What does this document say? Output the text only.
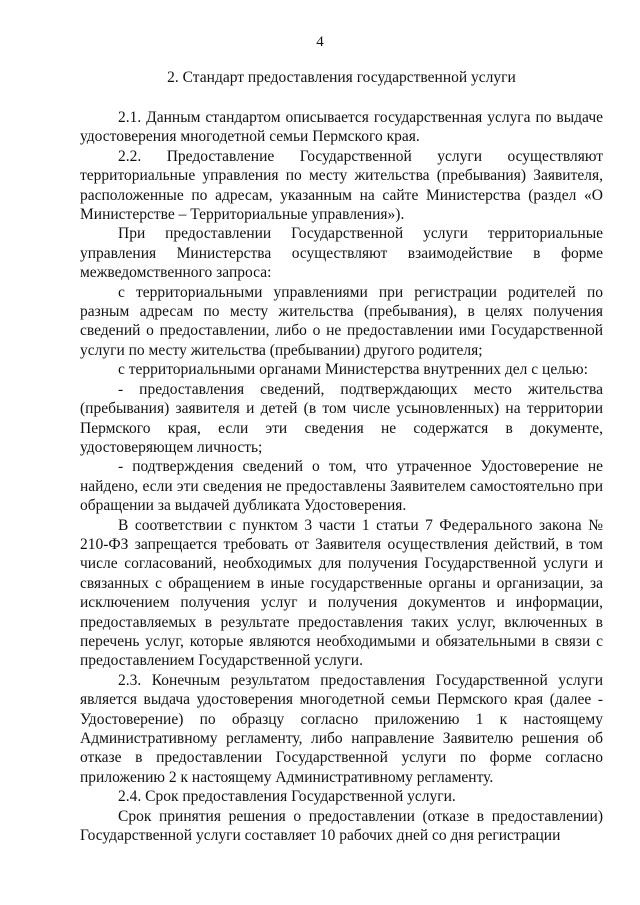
4
2. Стандарт предоставления государственной услуги

2.1. Данным стандартом описывается государственная услуга по выдаче удостоверения многодетной семьи Пермского края.

2.2. Предоставление Государственной услуги осуществляют территориальные управления по месту жительства (пребывания) Заявителя, расположенные по адресам, указанным на сайте Министерства (раздел «О Министерстве – Территориальные управления»).

При предоставлении Государственной услуги территориальные управления Министерства осуществляют взаимодействие в форме межведомственного запроса:

с территориальными управлениями при регистрации родителей по разным адресам по месту жительства (пребывания), в целях получения сведений о предоставлении, либо о не предоставлении ими Государственной услуги по месту жительства (пребывании) другого родителя;

с территориальными органами Министерства внутренних дел с целью:

- предоставления сведений, подтверждающих место жительства (пребывания) заявителя и детей (в том числе усыновленных) на территории Пермского края, если эти сведения не содержатся в документе, удостоверяющем личность;

- подтверждения сведений о том, что утраченное Удостоверение не найдено, если эти сведения не предоставлены Заявителем самостоятельно при обращении за выдачей дубликата Удостоверения.

В соответствии с пунктом 3 части 1 статьи 7 Федерального закона № 210-ФЗ запрещается требовать от Заявителя осуществления действий, в том числе согласований, необходимых для получения Государственной услуги и связанных с обращением в иные государственные органы и организации, за исключением получения услуг и получения документов и информации, предоставляемых в результате предоставления таких услуг, включенных в перечень услуг, которые являются необходимыми и обязательными в связи с предоставлением Государственной услуги.

2.3. Конечным результатом предоставления Государственной услуги является выдача удостоверения многодетной семьи Пермского края (далее - Удостоверение) по образцу согласно приложению 1 к настоящему Административному регламенту, либо направление Заявителю решения об отказе в предоставлении Государственной услуги по форме согласно приложению 2 к настоящему Административному регламенту.

2.4. Срок предоставления Государственной услуги.

Срок принятия решения о предоставлении (отказе в предоставлении) Государственной услуги составляет 10 рабочих дней со дня регистрации
